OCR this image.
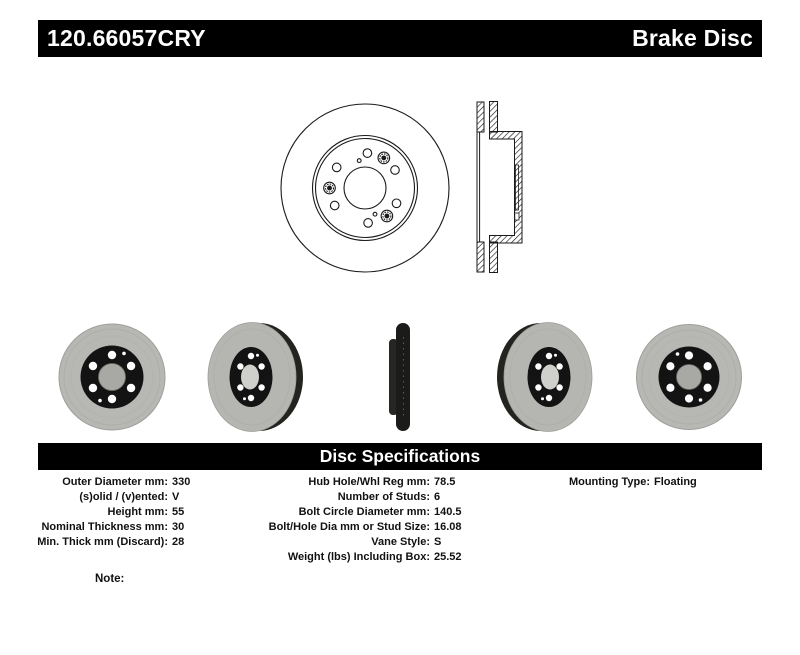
120.66057CRY	Brake Disc
Disc Specifications
Outer Diameter mm: 330
(s)olid / (v)ented: V
Height mm: 55
Nominal Thickness mm: 30
Min. Thick mm (Discard): 28
Hub Hole/Whl Reg mm: 78.5
Number of Studs: 6
Bolt Circle Diameter mm: 140.5
Bolt/Hole Dia mm or Stud Size: 16.08
Vane Style: S
Weight (lbs) Including Box: 25.52
Mounting Type: Floating
Note:
